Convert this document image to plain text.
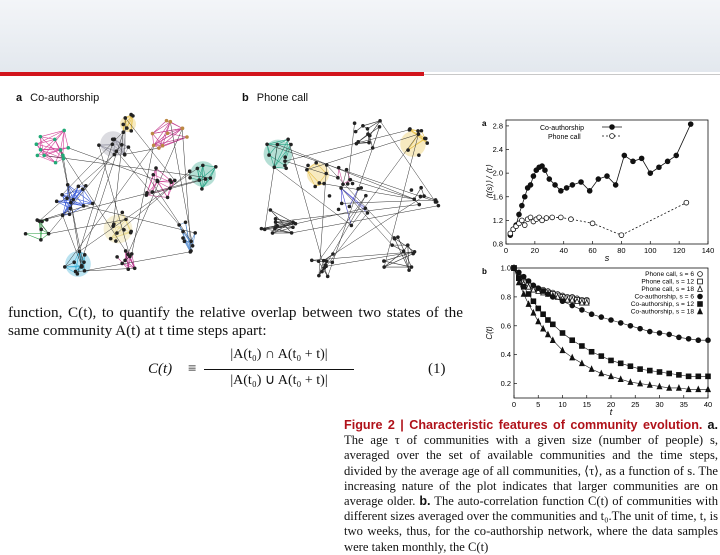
a Co-authorship	b Phone call
function, C(t), to quantify the relative overlap between two states of the same community A(t) at t time steps apart:
C(t) ≡
|A(t₀) ∩ A(t₀ + t)|
|A(t₀) ∪ A(t₀ + t)|
(1)
a
0	20	40	60	80 100 120 140
0.8
1.2
1.6
2.0
2.4
2.8
s
⟨τ(s)⟩ / ⟨τ⟩
Co-authorship
Phone call
b
0	5 10 15 20 25 30 35 40
0.2
0.4
0.6
0.8
1.0
t
C(t)
Phone call, s = 6
Phone call, s = 12
Phone call, s = 18
Co-authorship, s = 6
Co-authorship, s = 12
Co-authorship, s = 18
Figure 2 | Characteristic features of community evolution. a. The age τ of communities with a given size (number of people) s, averaged over the set of available communities and the time steps, divided by the average age of all communities, ⟨τ⟩, as a function of s. The increasing nature of the plot indicates that larger communities are on average older. b. The auto-correlation function C(t) of communities with different sizes averaged over the communities and t₀.The unit of time, t, is two weeks, thus, for the co-authorship network, where the data samples were taken monthly, the C(t)
